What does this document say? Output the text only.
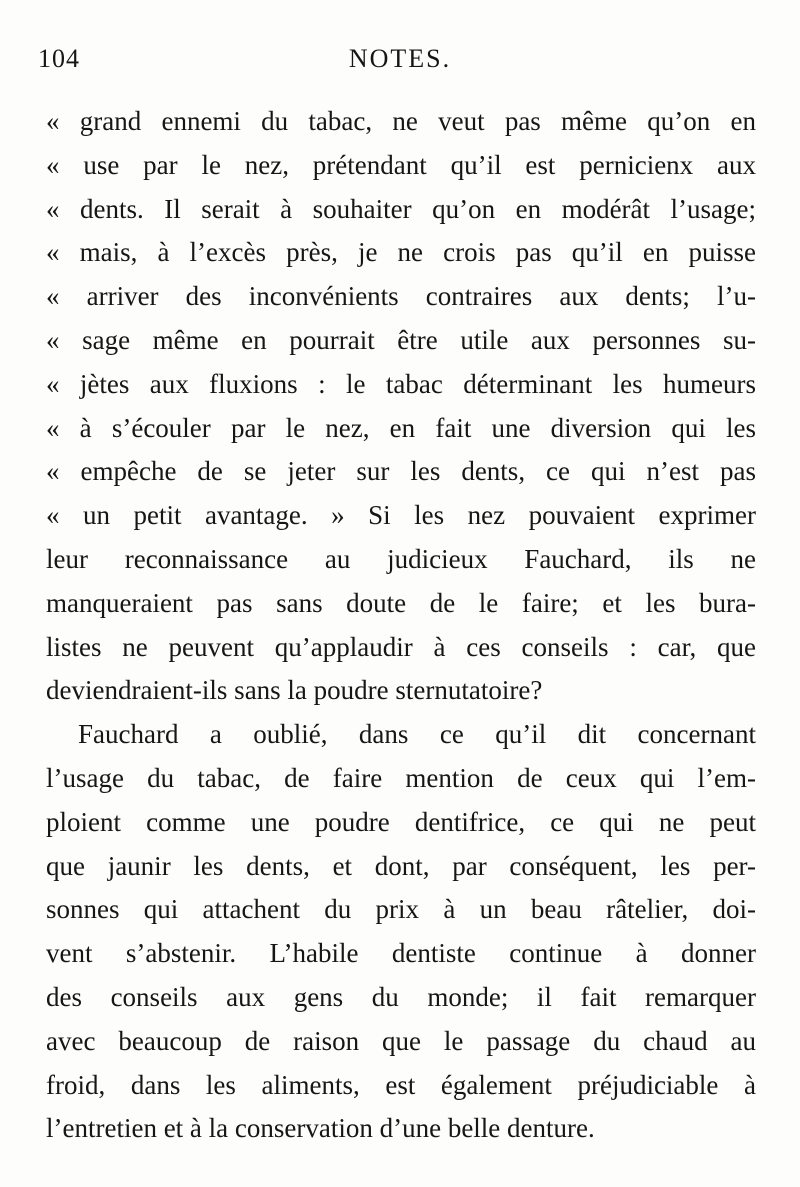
104	NOTES.
« grand ennemi du tabac, ne veut pas même qu’on en
« use par le nez, prétendant qu’il est pernicienx aux
« dents. Il serait à souhaiter qu’on en modérât l’usage;
« mais, à l’excès près, je ne crois pas qu’il en puisse
« arriver des inconvénients contraires aux dents; l’u-
« sage même en pourrait être utile aux personnes su-
« jètes aux fluxions : le tabac déterminant les humeurs
« à s’écouler par le nez, en fait une diversion qui les
« empêche de se jeter sur les dents, ce qui n’est pas
« un petit avantage. » Si les nez pouvaient exprimer
leur reconnaissance au judicieux Fauchard, ils ne
manqueraient pas sans doute de le faire; et les bura-
listes ne peuvent qu’applaudir à ces conseils : car, que
deviendraient-ils sans la poudre sternutatoire?
Fauchard a oublié, dans ce qu’il dit concernant
l’usage du tabac, de faire mention de ceux qui l’em-
ploient comme une poudre dentifrice, ce qui ne peut
que jaunir les dents, et dont, par conséquent, les per-
sonnes qui attachent du prix à un beau râtelier, doi-
vent s’abstenir. L’habile dentiste continue à donner
des conseils aux gens du monde; il fait remarquer
avec beaucoup de raison que le passage du chaud au
froid, dans les aliments, est également préjudiciable à
l’entretien et à la conservation d’une belle denture.
